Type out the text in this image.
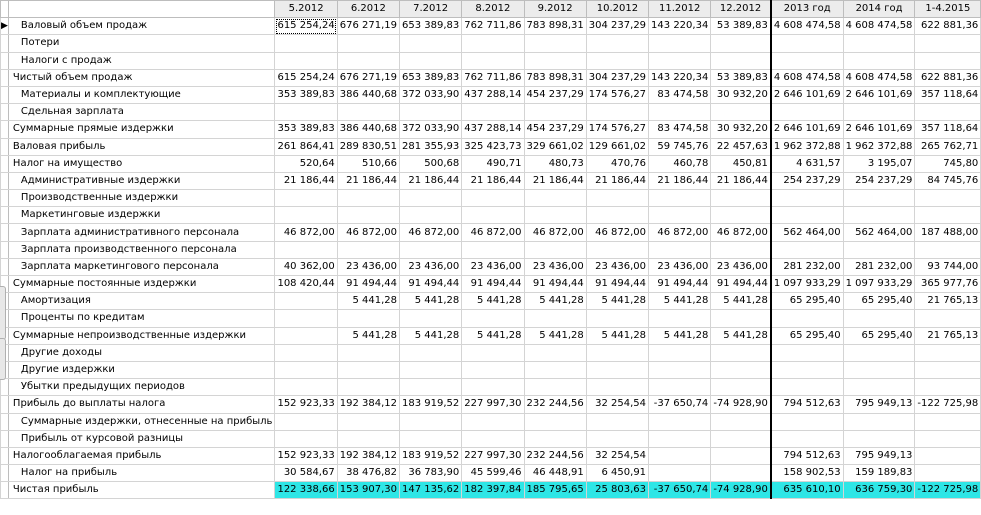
		5.2012	6.2012	7.2012	8.2012	9.2012	10.2012	11.2012	12.2012	2013 год	2014 год	1-4.2015
▶	Валовый объем продаж	615 254,24	676 271,19	653 389,83	762 711,86	783 898,31	304 237,29	143 220,34	53 389,83	4 608 474,58	4 608 474,58	622 881,36
	Потери											
	Налоги с продаж											
	Чистый объем продаж	615 254,24	676 271,19	653 389,83	762 711,86	783 898,31	304 237,29	143 220,34	53 389,83	4 608 474,58	4 608 474,58	622 881,36
	Материалы и комплектующие	353 389,83	386 440,68	372 033,90	437 288,14	454 237,29	174 576,27	83 474,58	30 932,20	2 646 101,69	2 646 101,69	357 118,64
	Сдельная зарплата											
	Суммарные прямые издержки	353 389,83	386 440,68	372 033,90	437 288,14	454 237,29	174 576,27	83 474,58	30 932,20	2 646 101,69	2 646 101,69	357 118,64
	Валовая прибыль	261 864,41	289 830,51	281 355,93	325 423,73	329 661,02	129 661,02	59 745,76	22 457,63	1 962 372,88	1 962 372,88	265 762,71
	Налог на имущество	520,64	510,66	500,68	490,71	480,73	470,76	460,78	450,81	4 631,57	3 195,07	745,80
	Административные издержки	21 186,44	21 186,44	21 186,44	21 186,44	21 186,44	21 186,44	21 186,44	21 186,44	254 237,29	254 237,29	84 745,76
	Производственные издержки											
	Маркетинговые издержки											
	Зарплата административного персонала	46 872,00	46 872,00	46 872,00	46 872,00	46 872,00	46 872,00	46 872,00	46 872,00	562 464,00	562 464,00	187 488,00
	Зарплата производственного персонала											
	Зарплата маркетингового персонала	40 362,00	23 436,00	23 436,00	23 436,00	23 436,00	23 436,00	23 436,00	23 436,00	281 232,00	281 232,00	93 744,00
	Суммарные постоянные издержки	108 420,44	91 494,44	91 494,44	91 494,44	91 494,44	91 494,44	91 494,44	91 494,44	1 097 933,29	1 097 933,29	365 977,76
	Амортизация		5 441,28	5 441,28	5 441,28	5 441,28	5 441,28	5 441,28	5 441,28	65 295,40	65 295,40	21 765,13
	Проценты по кредитам											
	Суммарные непроизводственные издержки		5 441,28	5 441,28	5 441,28	5 441,28	5 441,28	5 441,28	5 441,28	65 295,40	65 295,40	21 765,13
	Другие доходы											
	Другие издержки											
	Убытки предыдущих периодов											
	Прибыль до выплаты налога	152 923,33	192 384,12	183 919,52	227 997,30	232 244,56	32 254,54	-37 650,74	-74 928,90	794 512,63	795 949,13	-122 725,98
	Суммарные издержки, отнесенные на прибыль											
	Прибыль от курсовой разницы											
	Налогооблагаемая прибыль	152 923,33	192 384,12	183 919,52	227 997,30	232 244,56	32 254,54			794 512,63	795 949,13	
	Налог на прибыль	30 584,67	38 476,82	36 783,90	45 599,46	46 448,91	6 450,91			158 902,53	159 189,83	
	Чистая прибыль	122 338,66	153 907,30	147 135,62	182 397,84	185 795,65	25 803,63	-37 650,74	-74 928,90	635 610,10	636 759,30	-122 725,98
